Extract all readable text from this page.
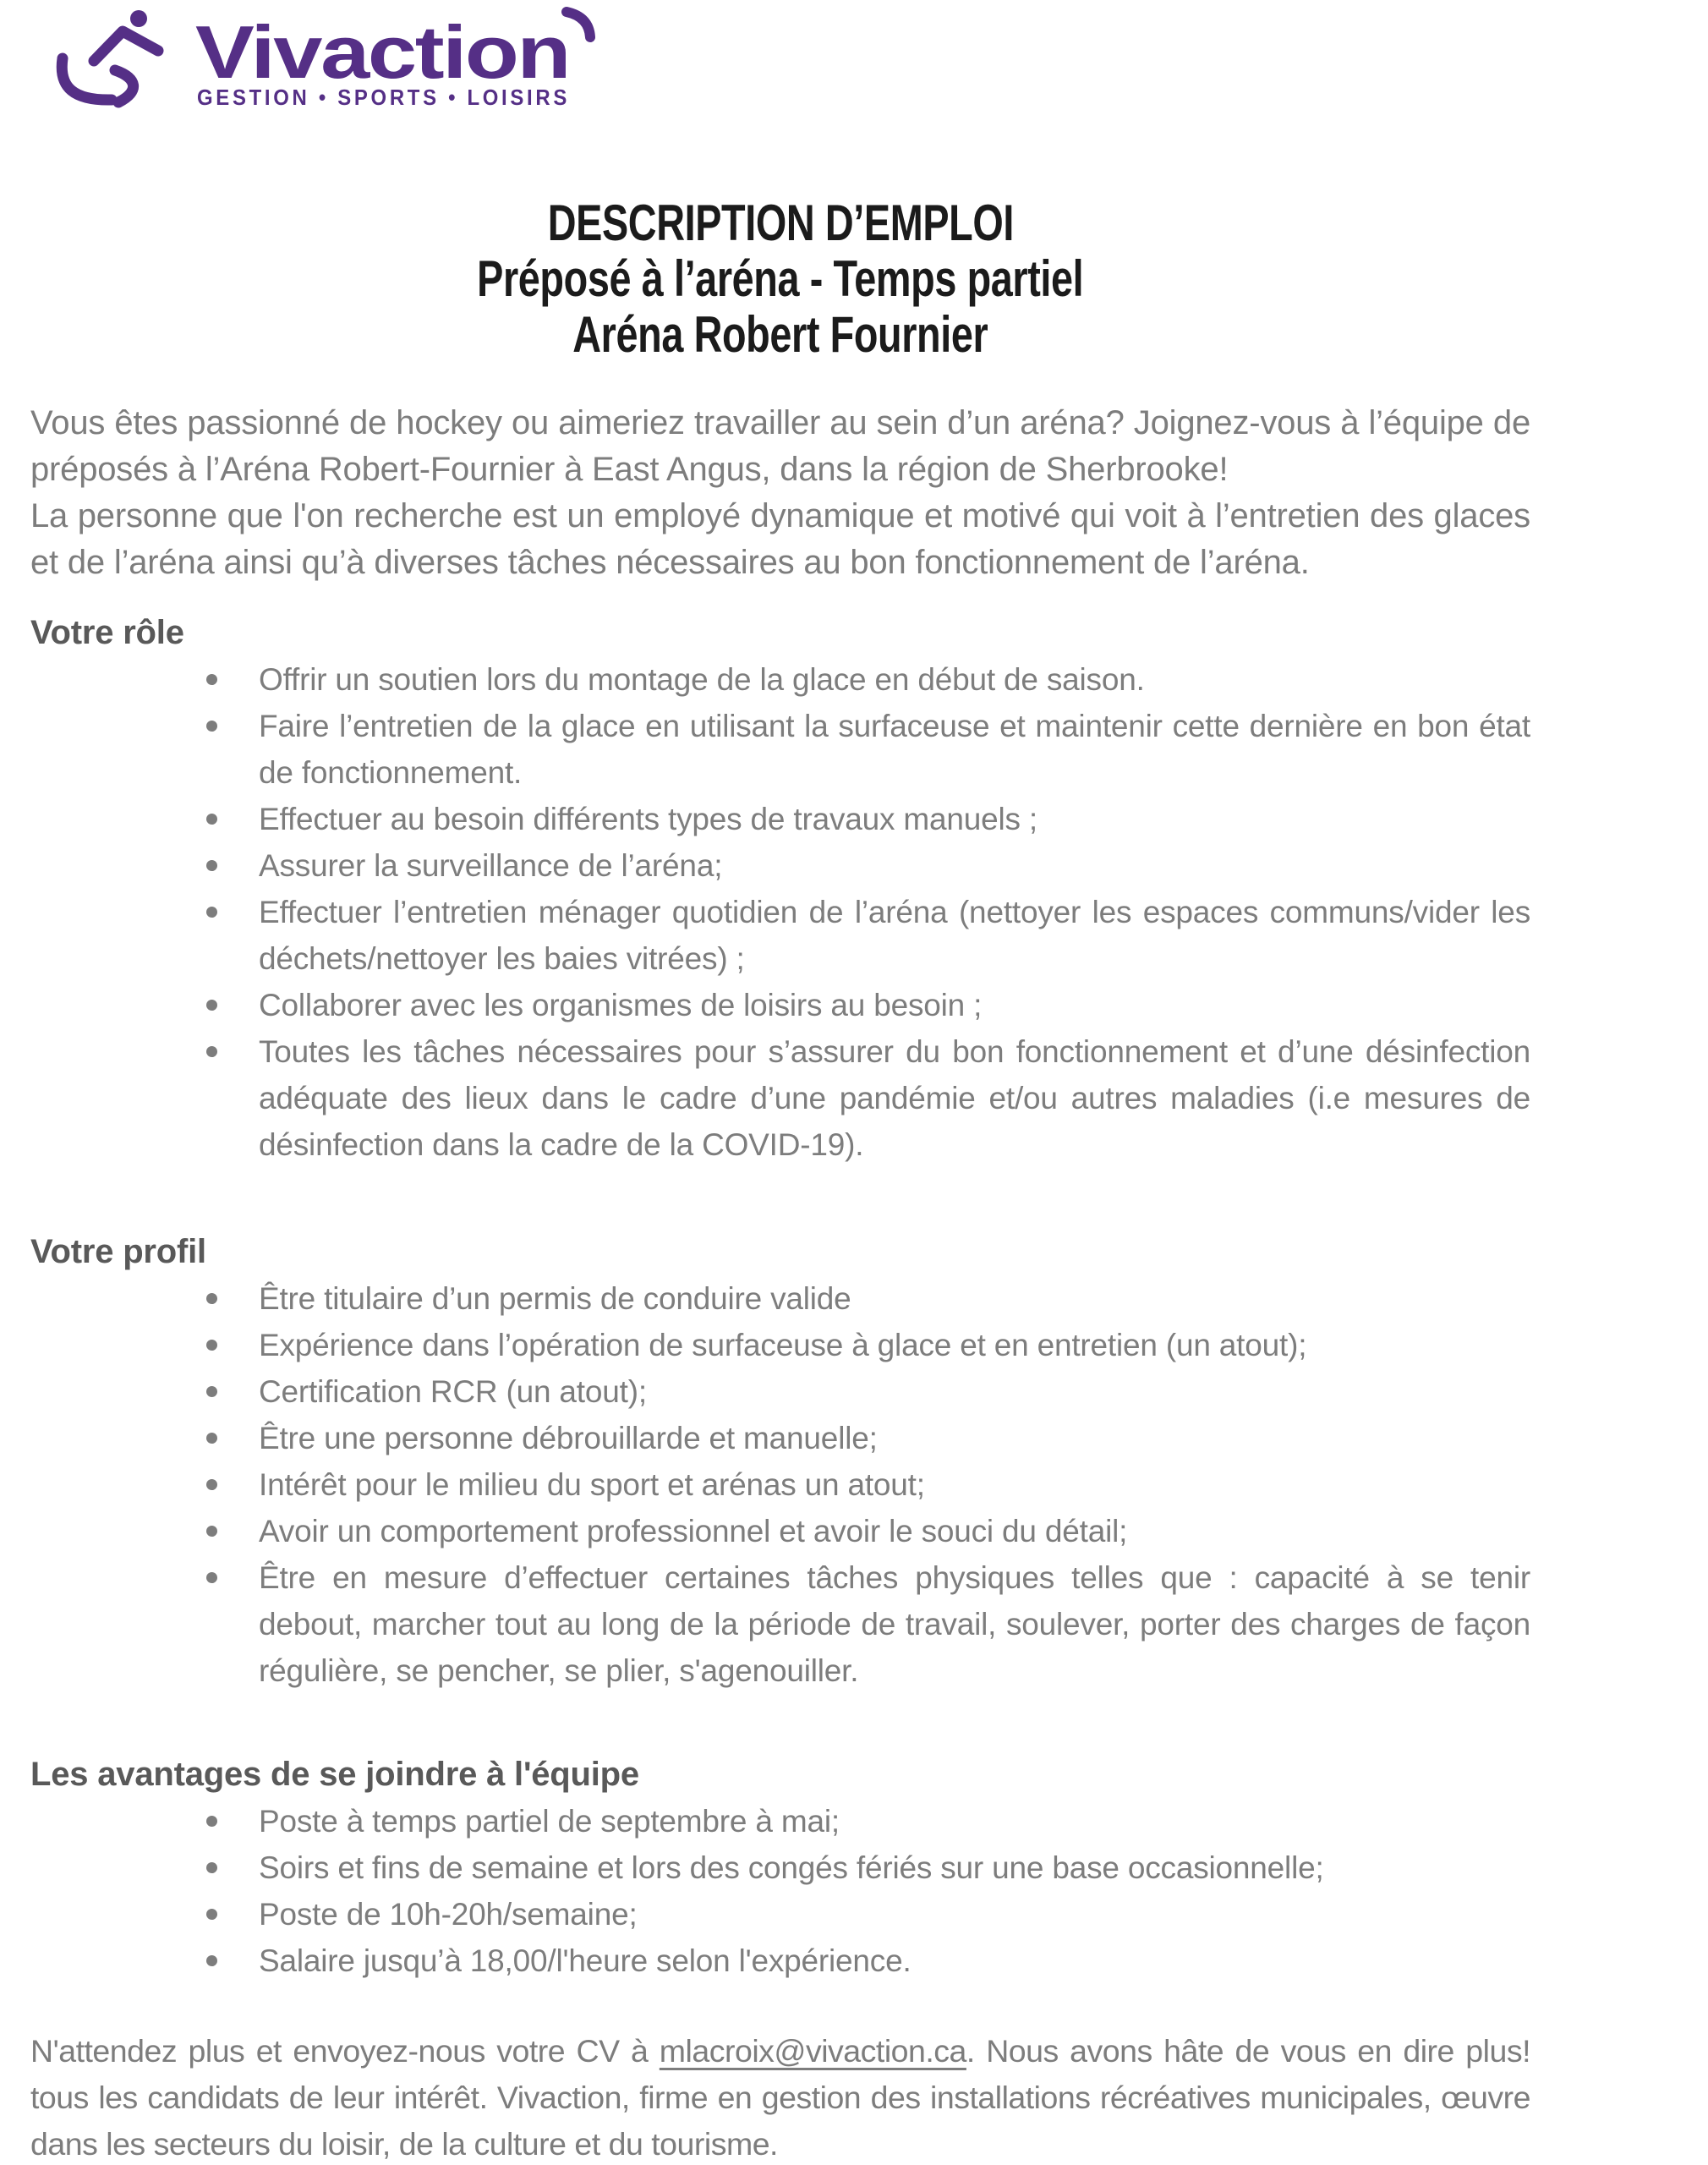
Vivaction
GESTION • SPORTS • LOISIRS
DESCRIPTION D’EMPLOI
Préposé à l’aréna - Temps partiel
Aréna Robert Fournier

Vous êtes passionné de hockey ou aimeriez travailler au sein d’un aréna? Joignez-vous à l’équipe de préposés à l’Aréna Robert-Fournier à East Angus, dans la région de Sherbrooke!

La personne que l'on recherche est un employé dynamique et motivé qui voit à l’entretien des glaces et de l’aréna ainsi qu’à diverses tâches nécessaires au bon fonctionnement de l’aréna.

Votre rôle
Offrir un soutien lors du montage de la glace en début de saison.
Faire l’entretien de la glace en utilisant la surfaceuse et maintenir cette dernière en bon état de fonctionnement.
Effectuer au besoin différents types de travaux manuels ;
Assurer la surveillance de l’aréna;
Effectuer l’entretien ménager quotidien de l’aréna (nettoyer les espaces communs/vider les déchets/nettoyer les baies vitrées) ;
Collaborer avec les organismes de loisirs au besoin ;
Toutes les tâches nécessaires pour s’assurer du bon fonctionnement et d’une désinfection adéquate des lieux dans le cadre d’une pandémie et/ou autres maladies (i.e mesures de désinfection dans la cadre de la COVID-19).
Votre profil
Être titulaire d’un permis de conduire valide
Expérience dans l’opération de surfaceuse à glace et en entretien (un atout);
Certification RCR (un atout);
Être une personne débrouillarde et manuelle;
Intérêt pour le milieu du sport et arénas un atout;
Avoir un comportement professionnel et avoir le souci du détail;
Être en mesure d’effectuer certaines tâches physiques telles que : capacité à se tenir debout, marcher tout au long de la période de travail, soulever, porter des charges de façon régulière, se pencher, se plier, s'agenouiller.
Les avantages de se joindre à l'équipe
Poste à temps partiel de septembre à mai;
Soirs et fins de semaine et lors des congés fériés sur une base occasionnelle;
Poste de 10h-20h/semaine;
Salaire jusqu’à 18,00/l'heure selon l'expérience.

N'attendez plus et envoyez-nous votre CV à mlacroix@vivaction.ca. Nous avons hâte de vous en dire plus! tous les candidats de leur intérêt. Vivaction, firme en gestion des installations récréatives municipales, œuvre dans les secteurs du loisir, de la culture et du tourisme.
